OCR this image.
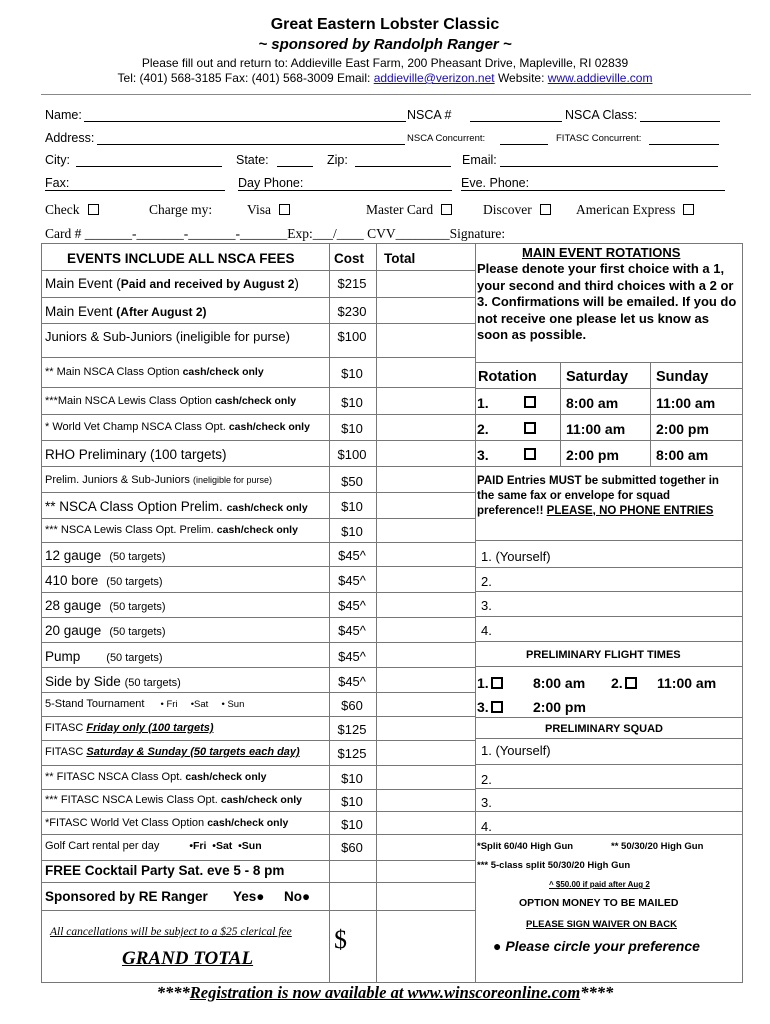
Great Eastern Lobster Classic
~ sponsored by Randolph Ranger ~
Please fill out and return to: Addieville East Farm, 200 Pheasant Drive, Mapleville, RI 02839
Tel: (401) 568-3185 Fax: (401) 568-3009 Email: addieville@verizon.net Website: www.addieville.com
Name:	NSCA #	NSCA Class:
Address:	NSCA Concurrent:	FITASC Concurrent:
City:	State:	Zip:	Email:
Fax:	Day Phone:	Eve. Phone:
Check	Charge my:	Visa	Master Card	Discover	American Express
Card # _______-_______-_______-_______Exp:___/____ CVV________Signature:
EVENTS INCLUDE ALL NSCA FEES	Cost Total
Main Event (Paid and received by August 2)	$215
Main Event (After August 2)	$230
Juniors & Sub-Juniors (ineligible for purse)	$100
** Main NSCA Class Option cash/check only	$10
***Main NSCA Lewis Class Option cash/check only	$10
* World Vet Champ NSCA Class Opt. cash/check only	$10
RHO Preliminary (100 targets)	$100
Prelim. Juniors & Sub-Juniors (ineligible for purse)	$50
** NSCA Class Option Prelim. cash/check only	$10
*** NSCA Lewis Class Opt. Prelim. cash/check only	$10
12 gauge (50 targets)	$45^
410 bore (50 targets)	$45^
28 gauge (50 targets)	$45^
20 gauge (50 targets)	$45^
Pump (50 targets)	$45^
Side by Side (50 targets)	$45^
5-Stand Tournament • Fri     •Sat     • Sun	$60
FITASC Friday only (100 targets)	$125
FITASC Saturday & Sunday (50 targets each day)	$125
** FITASC NSCA Class Opt. cash/check only	$10
*** FITASC NSCA Lewis Class Opt. cash/check only	$10
*FITASC World Vet Class Option cash/check only	$10
Golf Cart rental per day	•Fri  •Sat  •Sun	$60
FREE Cocktail Party Sat. eve 5 - 8 pm
Sponsored by RE Ranger Yes● No●
All cancellations will be subject to a $25 clerical fee
GRAND TOTAL
$
MAIN EVENT ROTATIONS
Please denote your first choice with a 1, your second and third choices with a 2 or 3. Confirmations will be emailed. If you do not receive one please let us know as soon as possible.
Rotation Saturday Sunday
1.	8:00 am	11:00 am
2.	11:00 am 2:00 pm
3.	2:00 pm	8:00 am
PAID Entries MUST be submitted together in the same fax or envelope for squad preference!! PLEASE, NO PHONE ENTRIES
1. (Yourself)
2.
3.
4.
PRELIMINARY FLIGHT TIMES
1.	8:00 am 2.	11:00 am
3.	2:00 pm
PRELIMINARY SQUAD
1. (Yourself)
2.
3.
4.
*Split 60/40 High Gun	** 50/30/20 High Gun
*** 5-class split 50/30/20 High Gun
^ $50.00 if paid after Aug 2
OPTION MONEY TO BE MAILED
PLEASE SIGN WAIVER ON BACK
● Please circle your preference
****Registration is now available at www.winscoreonline.com****
